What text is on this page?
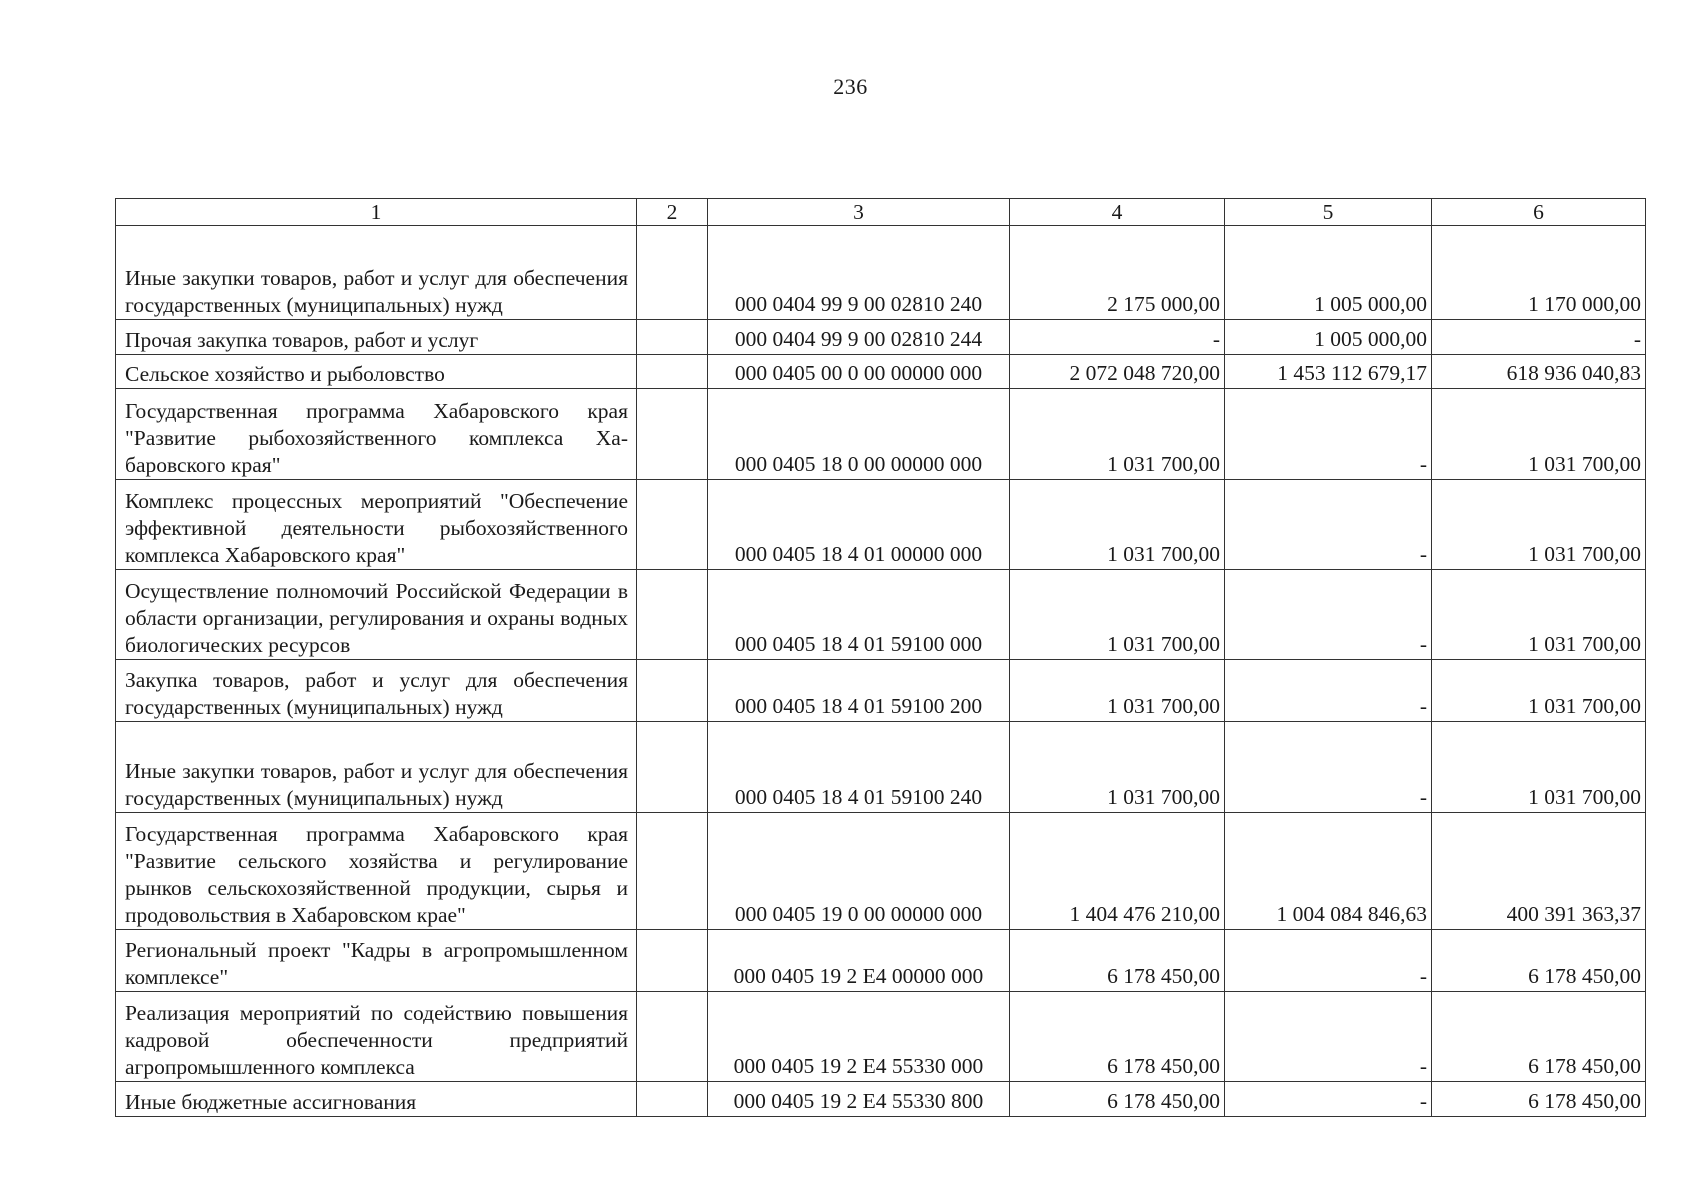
236
1	2	3	4	5	6
Иные закупки товаров, работ и услуг для обеспечения государственных (муниципальных) нужд		000 0404 99 9 00 02810 240	2 175 000,00	1 005 000,00	1 170 000,00
Прочая закупка товаров, работ и услуг		000 0404 99 9 00 02810 244	-	1 005 000,00	-
Сельское хозяйство и рыболовство		000 0405 00 0 00 00000 000	2 072 048 720,00	1 453 112 679,17	618 936 040,83
Государственная программа Хабаровского края "Развитие рыбохозяйственного комплекса Хабаровского края"		000 0405 18 0 00 00000 000	1 031 700,00	-	1 031 700,00
Комплекс процессных мероприятий "Обеспечение эффективной деятельности рыбохозяйственного комплекса Хабаровского края"		000 0405 18 4 01 00000 000	1 031 700,00	-	1 031 700,00
Осуществление полномочий Российской Федерации в области организации, регулирования и охраны водных биологических ресурсов		000 0405 18 4 01 59100 000	1 031 700,00	-	1 031 700,00
Закупка товаров, работ и услуг для обеспечения государственных (муниципальных) нужд		000 0405 18 4 01 59100 200	1 031 700,00	-	1 031 700,00
Иные закупки товаров, работ и услуг для обеспечения государственных (муниципальных) нужд		000 0405 18 4 01 59100 240	1 031 700,00	-	1 031 700,00
Государственная программа Хабаровского края "Развитие сельского хозяйства и регулирование рынков сельскохозяйственной продукции, сырья и продовольствия в Хабаровском крае"		000 0405 19 0 00 00000 000	1 404 476 210,00	1 004 084 846,63	400 391 363,37
Региональный проект "Кадры в агропромышленном комплексе"		000 0405 19 2 Е4 00000 000	6 178 450,00	-	6 178 450,00
Реализация мероприятий по содействию повышения кадровой обеспеченности предприятий агропромышленного комплекса		000 0405 19 2 Е4 55330 000	6 178 450,00	-	6 178 450,00
Иные бюджетные ассигнования		000 0405 19 2 Е4 55330 800	6 178 450,00	-	6 178 450,00
